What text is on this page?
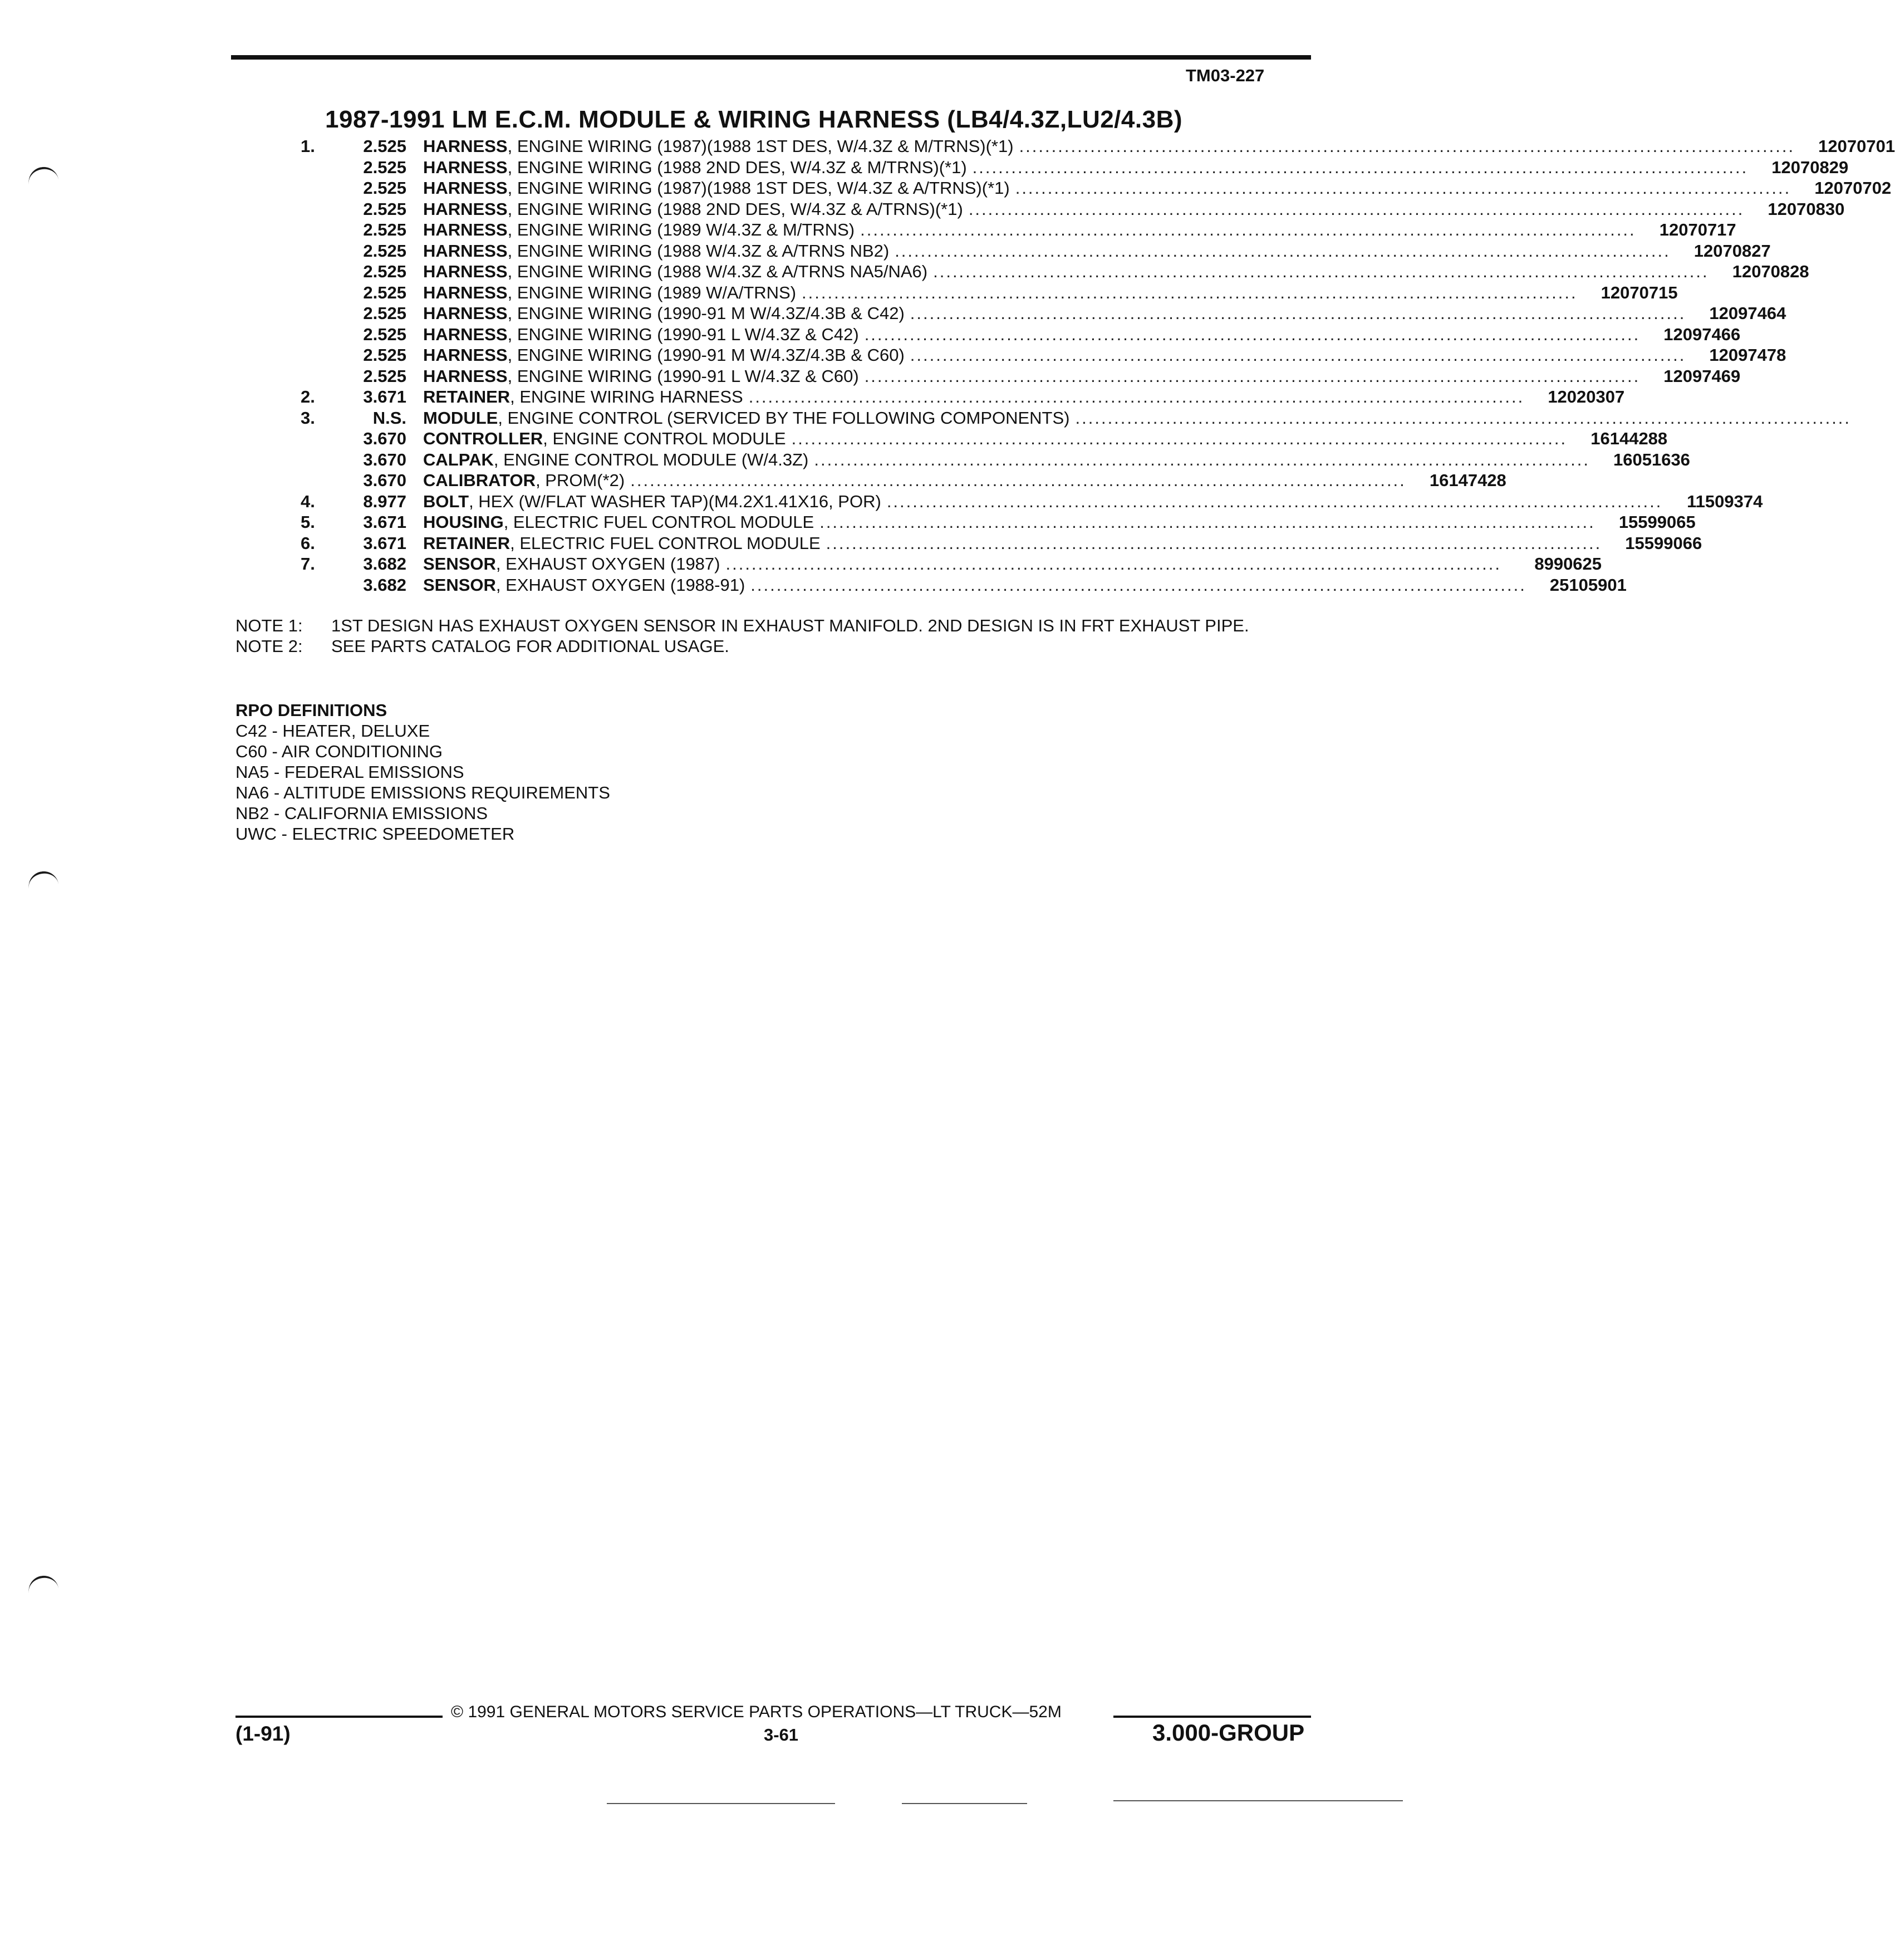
TM03-227
1987-1991 LM E.C.M. MODULE & WIRING HARNESS (LB4/4.3Z,LU2/4.3B)
1.	2.525 HARNESS , ENGINE WIRING (1987)(1988 1ST DES, W/4.3Z & M/TRNS)(*1) ........................................................................................................................	12070701
2.525 HARNESS , ENGINE WIRING (1988 2ND DES, W/4.3Z & M/TRNS)(*1) ........................................................................................................................	12070829
2.525 HARNESS , ENGINE WIRING (1987)(1988 1ST DES, W/4.3Z & A/TRNS)(*1) ........................................................................................................................	12070702
2.525 HARNESS , ENGINE WIRING (1988 2ND DES, W/4.3Z & A/TRNS)(*1) ........................................................................................................................	12070830
2.525 HARNESS , ENGINE WIRING (1989 W/4.3Z & M/TRNS) ........................................................................................................................	12070717
2.525 HARNESS , ENGINE WIRING (1988 W/4.3Z & A/TRNS NB2) ........................................................................................................................	12070827
2.525 HARNESS , ENGINE WIRING (1988 W/4.3Z & A/TRNS NA5/NA6) ........................................................................................................................	12070828
2.525 HARNESS , ENGINE WIRING (1989 W/A/TRNS) ........................................................................................................................	12070715
2.525 HARNESS , ENGINE WIRING (1990-91 M W/4.3Z/4.3B & C42) ........................................................................................................................	12097464
2.525 HARNESS , ENGINE WIRING (1990-91 L W/4.3Z & C42) ........................................................................................................................	12097466
2.525 HARNESS , ENGINE WIRING (1990-91 M W/4.3Z/4.3B & C60) ........................................................................................................................	12097478
2.525 HARNESS , ENGINE WIRING (1990-91 L W/4.3Z & C60) ........................................................................................................................	12097469
2.	3.671 RETAINER , ENGINE WIRING HARNESS ........................................................................................................................	12020307
3.	N.S. MODULE , ENGINE CONTROL (SERVICED BY THE FOLLOWING COMPONENTS) ........................................................................................................................
3.670 CONTROLLER , ENGINE CONTROL MODULE ........................................................................................................................	16144288
3.670 CALPAK , ENGINE CONTROL MODULE (W/4.3Z) ........................................................................................................................	16051636
3.670 CALIBRATOR , PROM(*2) ........................................................................................................................	16147428
4.	8.977 BOLT , HEX (W/FLAT WASHER TAP)(M4.2X1.41X16, POR) ........................................................................................................................	11509374
5.	3.671 HOUSING , ELECTRIC FUEL CONTROL MODULE ........................................................................................................................	15599065
6.	3.671 RETAINER , ELECTRIC FUEL CONTROL MODULE ........................................................................................................................	15599066
7.	3.682 SENSOR , EXHAUST OXYGEN (1987) ........................................................................................................................	8990625
3.682 SENSOR , EXHAUST OXYGEN (1988-91) ........................................................................................................................	25105901
NOTE 1:	1ST DESIGN HAS EXHAUST OXYGEN SENSOR IN EXHAUST MANIFOLD. 2ND DESIGN IS IN FRT EXHAUST PIPE.
NOTE 2:	SEE PARTS CATALOG FOR ADDITIONAL USAGE.
RPO DEFINITIONS
C42 - HEATER, DELUXE
C60 - AIR CONDITIONING
NA5 - FEDERAL EMISSIONS
NA6 - ALTITUDE EMISSIONS REQUIREMENTS
NB2 - CALIFORNIA EMISSIONS
UWC - ELECTRIC SPEEDOMETER
© 1991 GENERAL MOTORS SERVICE PARTS OPERATIONS—LT TRUCK—52M
(1-91)	3-61	3.000-GROUP
